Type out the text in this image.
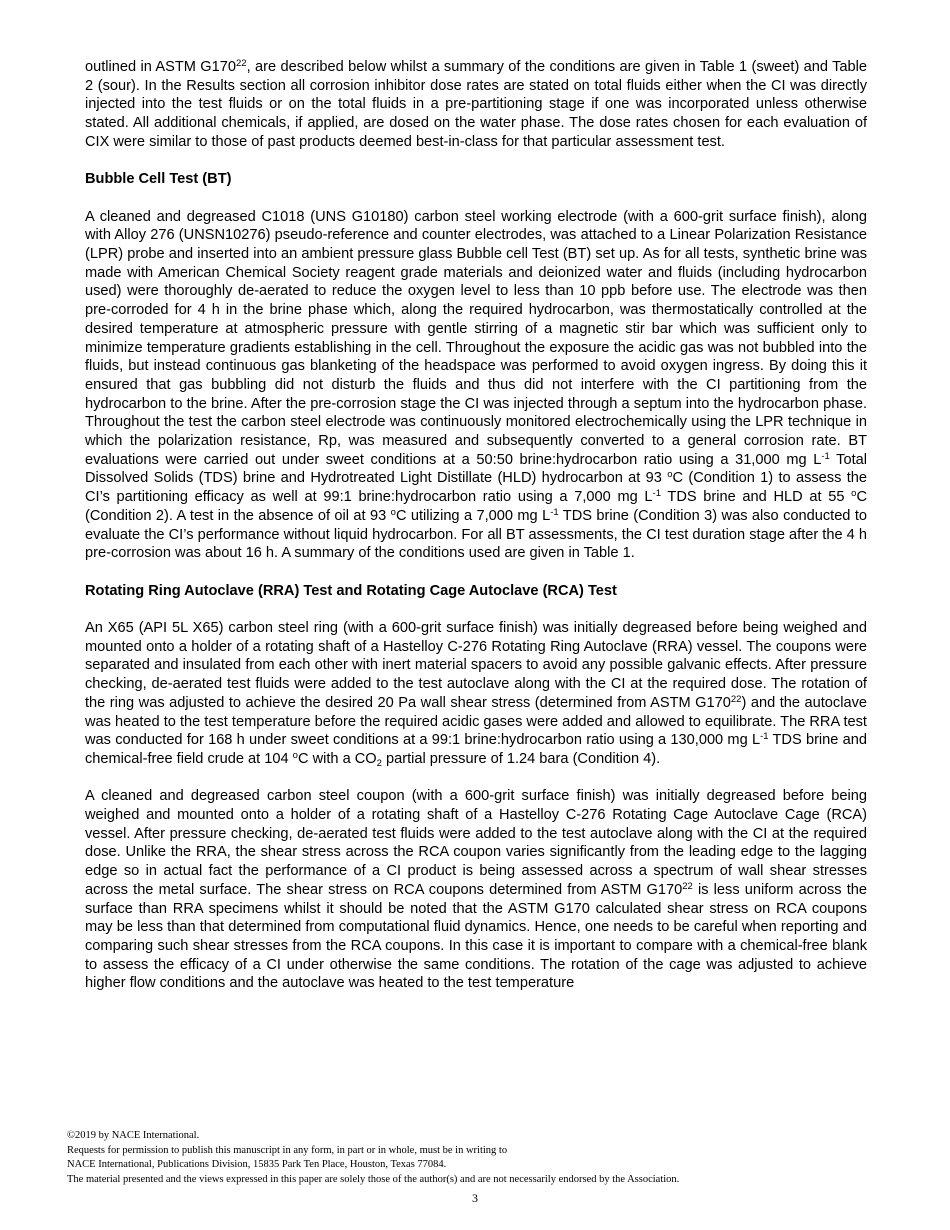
outlined in ASTM $G170^{22}$, are described below whilst a summary of the conditions are given in Table 1 (sweet) and Table 2 (sour). In the Results section all corrosion inhibitor dose rates are stated on total fluids either when the CI was directly injected into the test fluids or on the total fluids in a pre-partitioning stage if one was incorporated unless otherwise stated. All additional chemicals, if applied, are dosed on the water phase. The dose rates chosen for each evaluation of CIX were similar to those of past products deemed best-in-class for that particular assessment test.

Bubble Cell Test (BT)

A cleaned and degreased C1018 (UNS G10180) carbon steel working electrode (with a 600-grit surface finish), along with Alloy 276 (UNSN10276) pseudo-reference and counter electrodes, was attached to a Linear Polarization Resistance (LPR) probe and inserted into an ambient pressure glass Bubble cell Test (BT) set up. As for all tests, synthetic brine was made with American Chemical Society reagent grade materials and deionized water and fluids (including hydrocarbon used) were thoroughly de-aerated to reduce the oxygen level to less than 10 ppb before use. The electrode was then pre-corroded for 4 h in the brine phase which, along the required hydrocarbon, was thermostatically controlled at the desired temperature at atmospheric pressure with gentle stirring of a magnetic stir bar which was sufficient only to minimize temperature gradients establishing in the cell. Throughout the exposure the acidic gas was not bubbled into the fluids, but instead continuous gas blanketing of the headspace was performed to avoid oxygen ingress. By doing this it ensured that gas bubbling did not disturb the fluids and thus did not interfere with the CI partitioning from the hydrocarbon to the brine. After the pre-corrosion stage the CI was injected through a septum into the hydrocarbon phase. Throughout the test the carbon steel electrode was continuously monitored electrochemically using the LPR technique in which the polarization resistance, Rp, was measured and subsequently converted to a general corrosion rate. BT evaluations were carried out under sweet conditions at a 50:50 brine:hydrocarbon ratio using a 31,000 mg $L^{-1}$ Total Dissolved Solids (TDS) brine and Hydrotreated Light Distillate (HLD) hydrocarbon at 93 $^o$C (Condition 1) to assess the CI’s partitioning efficacy as well at 99:1 brine:hydrocarbon ratio using a 7,000 mg $L^{-1}$ TDS brine and HLD at 55 $^o$C (Condition 2). A test in the absence of oil at 93 $^o$C utilizing a 7,000 mg $L^{-1}$ TDS brine (Condition 3) was also conducted to evaluate the CI’s performance without liquid hydrocarbon. For all BT assessments, the CI test duration stage after the 4 h pre-corrosion was about 16 h. A summary of the conditions used are given in Table 1.

Rotating Ring Autoclave (RRA) Test and Rotating Cage Autoclave (RCA) Test

An X65 (API 5L X65) carbon steel ring (with a 600-grit surface finish) was initially degreased before being weighed and mounted onto a holder of a rotating shaft of a Hastelloy C-276 Rotating Ring Autoclave (RRA) vessel. The coupons were separated and insulated from each other with inert material spacers to avoid any possible galvanic effects. After pressure checking, de-aerated test fluids were added to the test autoclave along with the CI at the required dose. The rotation of the ring was adjusted to achieve the desired 20 Pa wall shear stress (determined from ASTM $G170^{22}$) and the autoclave was heated to the test temperature before the required acidic gases were added and allowed to equilibrate. The RRA test was conducted for 168 h under sweet conditions at a 99:1 brine:hydrocarbon ratio using a 130,000 mg $L^{-1}$ TDS brine and chemical-free field crude at 104 $^o$C with a $CO_2$ partial pressure of 1.24 bara (Condition 4).

A cleaned and degreased carbon steel coupon (with a 600-grit surface finish) was initially degreased before being weighed and mounted onto a holder of a rotating shaft of a Hastelloy C-276 Rotating Cage Autoclave Cage (RCA) vessel. After pressure checking, de-aerated test fluids were added to the test autoclave along with the CI at the required dose. Unlike the RRA, the shear stress across the RCA coupon varies significantly from the leading edge to the lagging edge so in actual fact the performance of a CI product is being assessed across a spectrum of wall shear stresses across the metal surface. The shear stress on RCA coupons determined from ASTM $G170^{22}$ is less uniform across the surface than RRA specimens whilst it should be noted that the ASTM G170 calculated shear stress on RCA coupons may be less than that determined from computational fluid dynamics. Hence, one needs to be careful when reporting and comparing such shear stresses from the RCA coupons. In this case it is important to compare with a chemical-free blank to assess the efficacy of a CI under otherwise the same conditions. The rotation of the cage was adjusted to achieve higher flow conditions and the autoclave was heated to the test temperature

©2019 by NACE International.

Requests for permission to publish this manuscript in any form, in part or in whole, must be in writing to

NACE International, Publications Division, 15835 Park Ten Place, Houston, Texas 77084.

The material presented and the views expressed in this paper are solely those of the author(s) and are not necessarily endorsed by the Association.

3
